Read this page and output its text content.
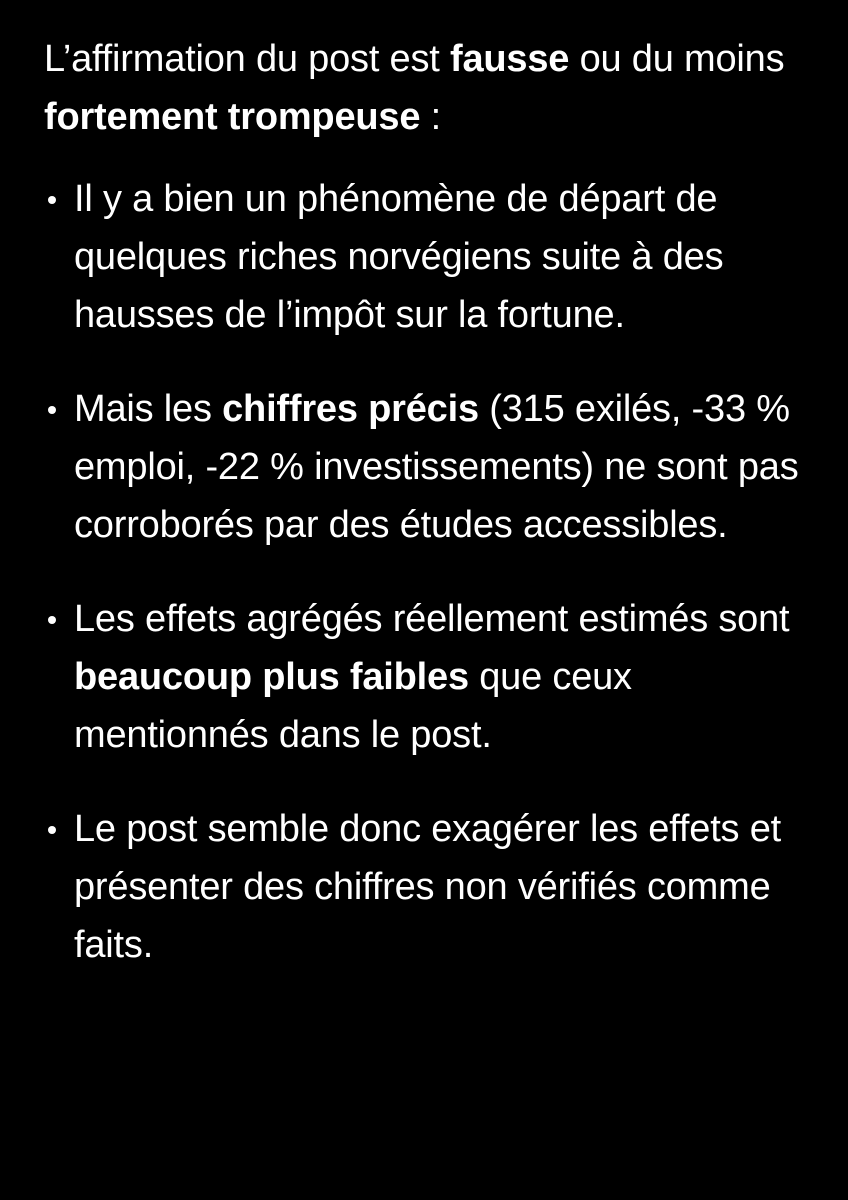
L’affirmation du post est fausse ou du moins fortement trompeuse :

Il y a bien un phénomène de départ de quelques riches norvégiens suite à des hausses de l’impôt sur la fortune.
Mais les chiffres précis (315 exilés, -33 % emploi, -22 % investissements) ne sont pas corroborés par des études accessibles.
Les effets agrégés réellement estimés sont beaucoup plus faibles que ceux mentionnés dans le post.
Le post semble donc exagérer les effets et présenter des chiffres non vérifiés comme faits.
